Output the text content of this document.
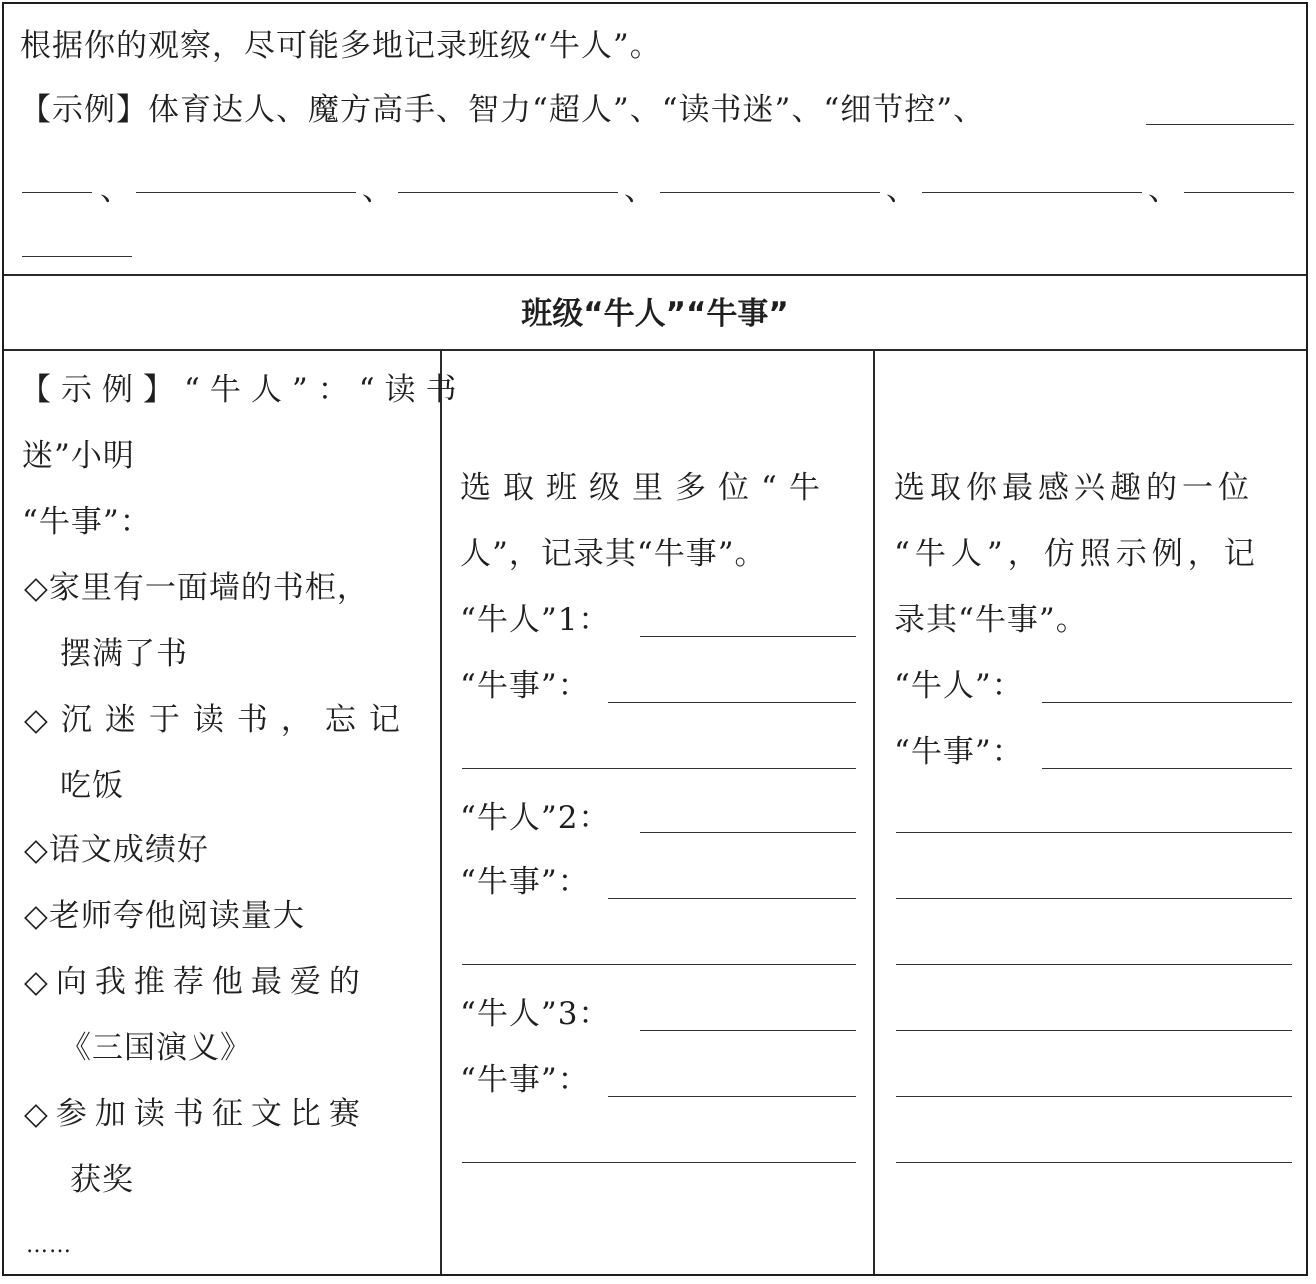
根据你的观察，尽可能多地记录班级“牛人”。
【示例】体育达人、魔方高手、智力“超人”、“读书迷”、“细节控”、
、	、	、	、	、
班级“牛人”“牛事”
【示例】“牛人”：“读书
迷”小明
“牛事”：
◇家里有一面墙的书柜，
摆满了书
◇沉迷于读书，忘记
吃饭
◇语文成绩好
◇老师夸他阅读量大
◇向我推荐他最爱的
《三国演义》
◇参加读书征文比赛
获奖
……
选取班级里多位“牛
人”，记录其“牛事”。
“牛人”1：
“牛事”：
“牛人”2：
“牛事”：
“牛人”3：
“牛事”：
选取你最感兴趣的一位
“牛人”，仿照示例，记
录其“牛事”。
“牛人”：
“牛事”：
